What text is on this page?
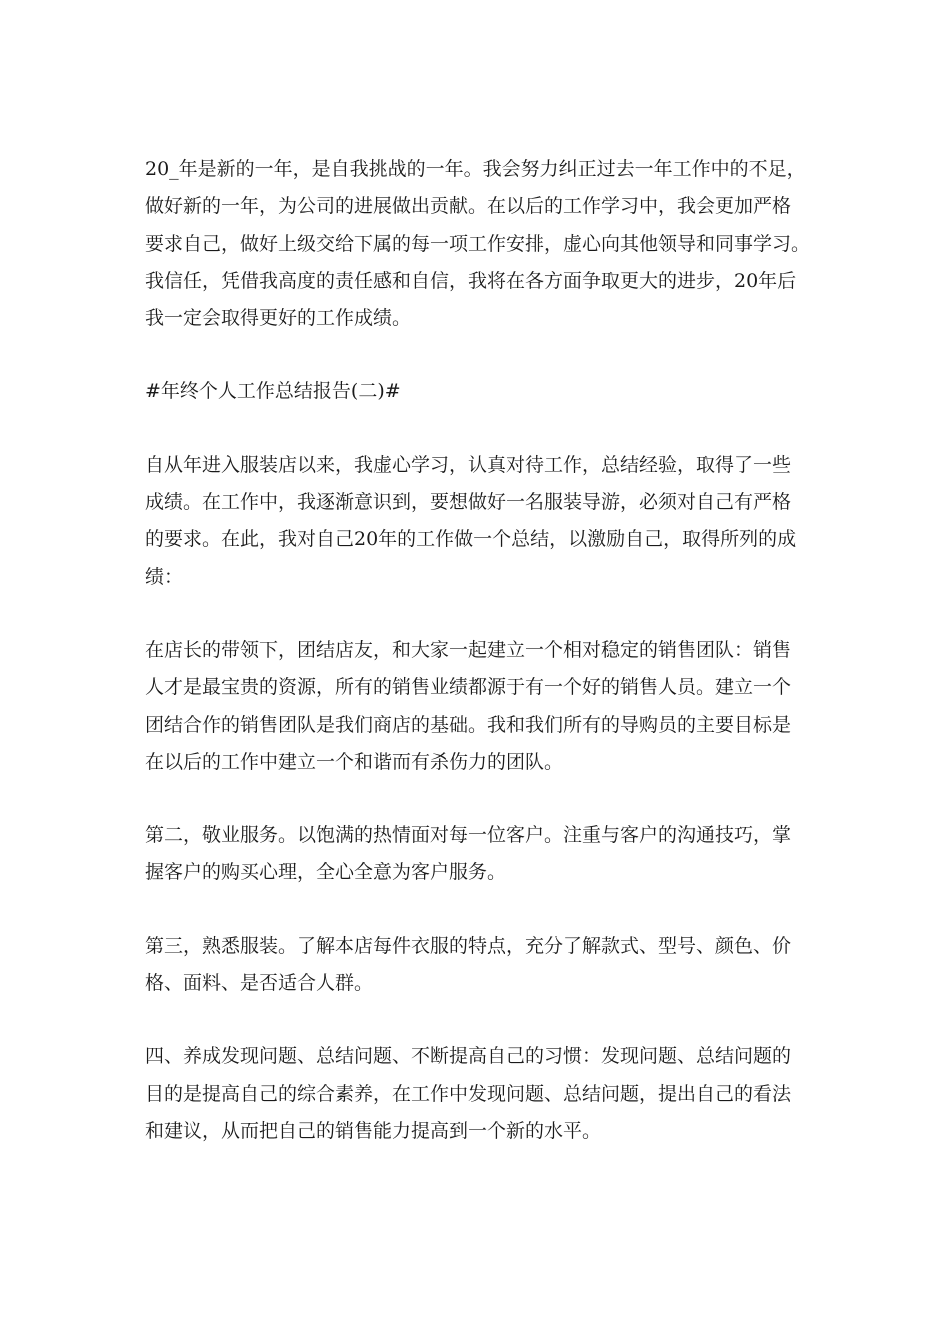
20_年是新的一年，是自我挑战的一年。我会努力纠正过去一年工作中的不足，
做好新的一年，为公司的进展做出贡献。在以后的工作学习中，我会更加严格
要求自己，做好上级交给下属的每一项工作安排，虚心向其他领导和同事学习。
我信任，凭借我高度的责任感和自信，我将在各方面争取更大的进步，20年后
我一定会取得更好的工作成绩。
#年终个人工作总结报告(二)#
自从年进入服装店以来，我虚心学习，认真对待工作，总结经验，取得了一些
成绩。在工作中，我逐渐意识到，要想做好一名服装导游，必须对自己有严格
的要求。在此，我对自己20年的工作做一个总结，以激励自己，取得所列的成
绩：
在店长的带领下，团结店友，和大家一起建立一个相对稳定的销售团队：销售
人才是最宝贵的资源，所有的销售业绩都源于有一个好的销售人员。建立一个
团结合作的销售团队是我们商店的基础。我和我们所有的导购员的主要目标是
在以后的工作中建立一个和谐而有杀伤力的团队。
第二，敬业服务。以饱满的热情面对每一位客户。注重与客户的沟通技巧，掌
握客户的购买心理，全心全意为客户服务。
第三，熟悉服装。了解本店每件衣服的特点，充分了解款式、型号、颜色、价
格、面料、是否适合人群。
四、养成发现问题、总结问题、不断提高自己的习惯：发现问题、总结问题的
目的是提高自己的综合素养，在工作中发现问题、总结问题，提出自己的看法
和建议，从而把自己的销售能力提高到一个新的水平。
